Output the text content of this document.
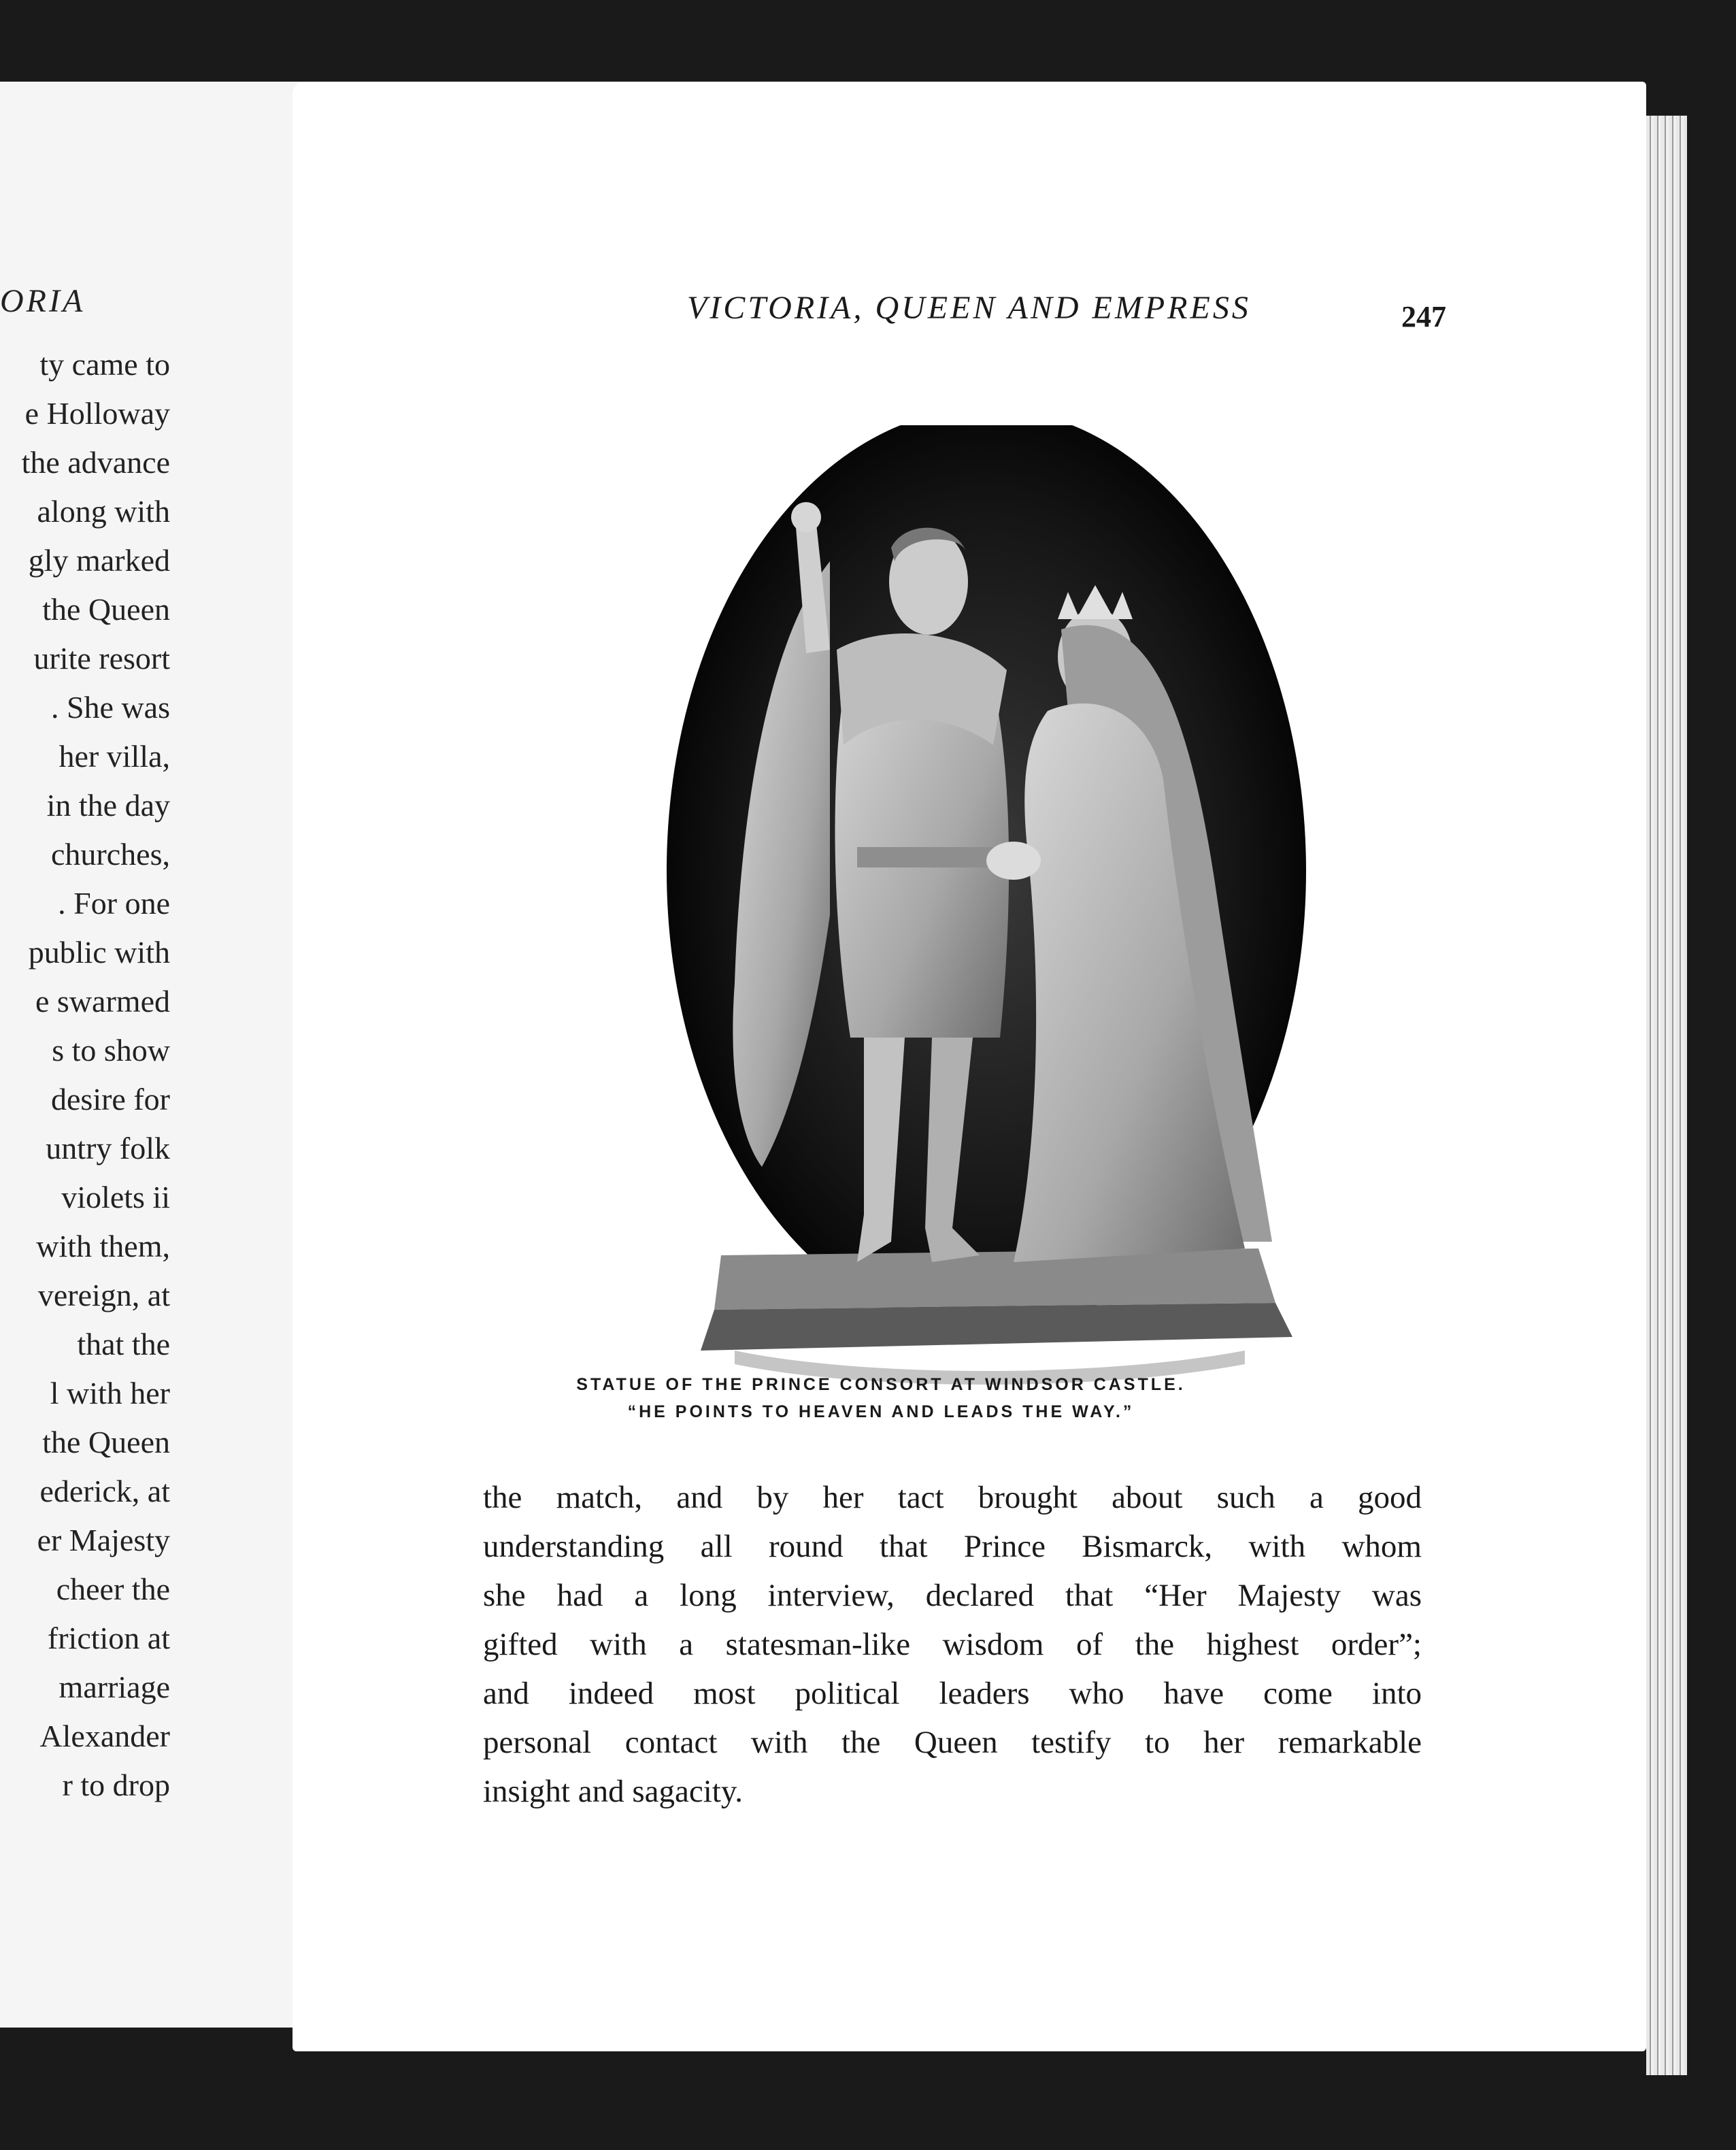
ORIA
ty came to
e Holloway
the advance
along with
gly marked
the Queen
urite resort
. She was
her villa,
in the day
churches,
. For one
public with
e swarmed
s to show
desire for
untry folk
violets ii
with them,
vereign, at
that the
l with her
the Queen
ederick, at
er Majesty
cheer the
friction at
marriage
Alexander
r to drop
VICTORIA, QUEEN AND EMPRESS	247
STATUE OF THE PRINCE CONSORT AT WINDSOR CASTLE.
“HE POINTS TO HEAVEN AND LEADS THE WAY.”
the match, and by her tact brought about such a good
understanding all round that Prince Bismarck, with whom
she had a long interview, declared that “Her Majesty was
gifted with a statesman-like wisdom of the highest order”;
and indeed most political leaders who have come into
personal contact with the Queen testify to her remarkable
insight and sagacity.
